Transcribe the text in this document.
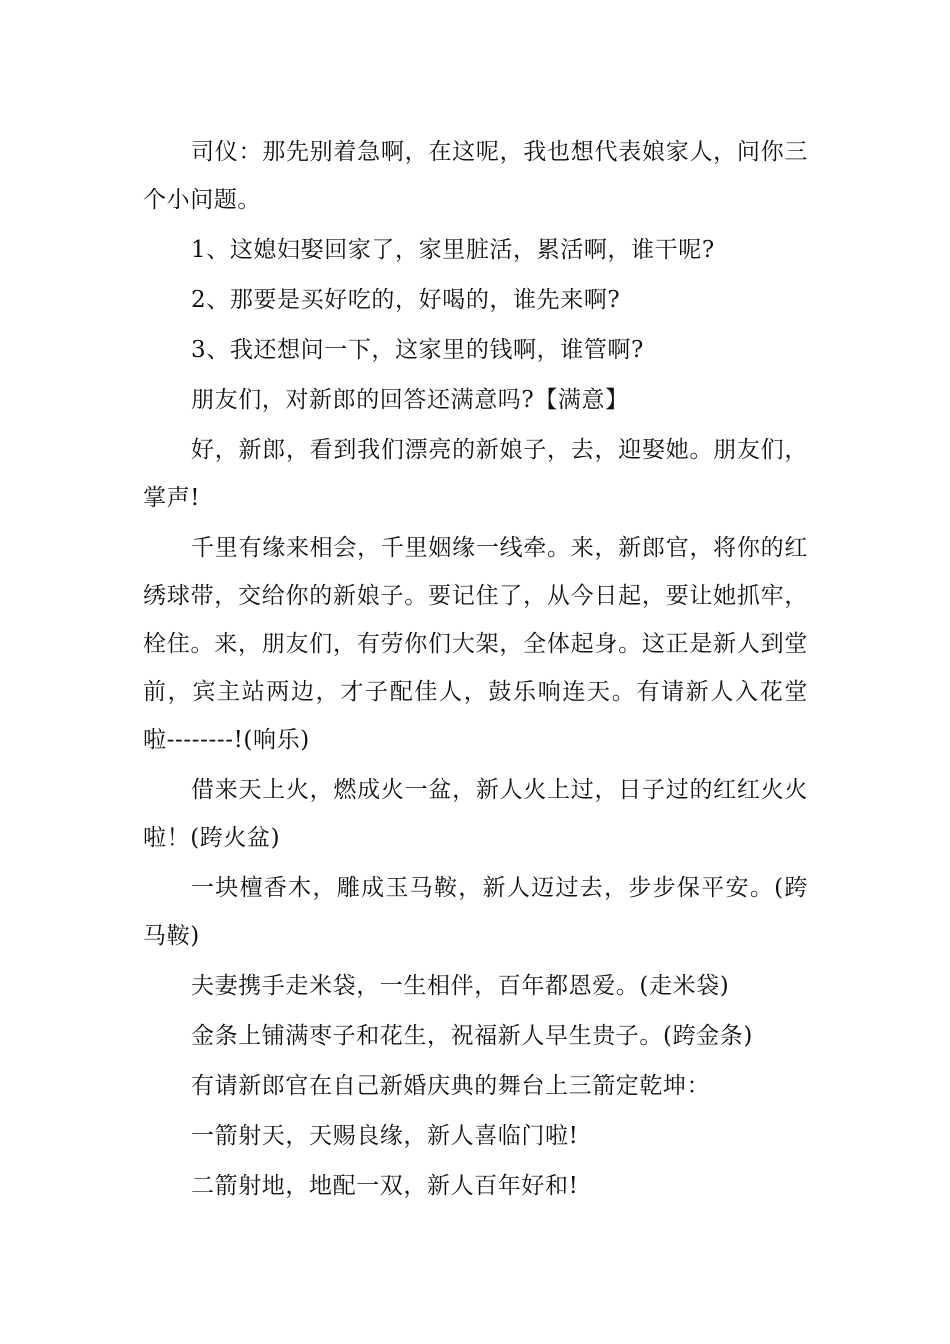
司仪：那先别着急啊，在这呢，我也想代表娘家人，问你三个小问题。

1、这媳妇娶回家了，家里脏活，累活啊，谁干呢?

2、那要是买好吃的，好喝的，谁先来啊?

3、我还想问一下，这家里的钱啊，谁管啊?

朋友们，对新郎的回答还满意吗?【满意】

好，新郎，看到我们漂亮的新娘子，去，迎娶她。朋友们，掌声!

千里有缘来相会，千里姻缘一线牵。来，新郎官，将你的红绣球带，交给你的新娘子。要记住了，从今日起，要让她抓牢，栓住。来，朋友们，有劳你们大架，全体起身。这正是新人到堂前，宾主站两边，才子配佳人，鼓乐响连天。有请新人入花堂啦--------!(响乐)

借来天上火，燃成火一盆，新人火上过，日子过的红红火火啦！(跨火盆)

一块檀香木，雕成玉马鞍，新人迈过去，步步保平安。(跨马鞍)

夫妻携手走米袋，一生相伴，百年都恩爱。(走米袋)

金条上铺满枣子和花生，祝福新人早生贵子。(跨金条)

有请新郎官在自己新婚庆典的舞台上三箭定乾坤：

一箭射天，天赐良缘，新人喜临门啦!

二箭射地，地配一双，新人百年好和!
